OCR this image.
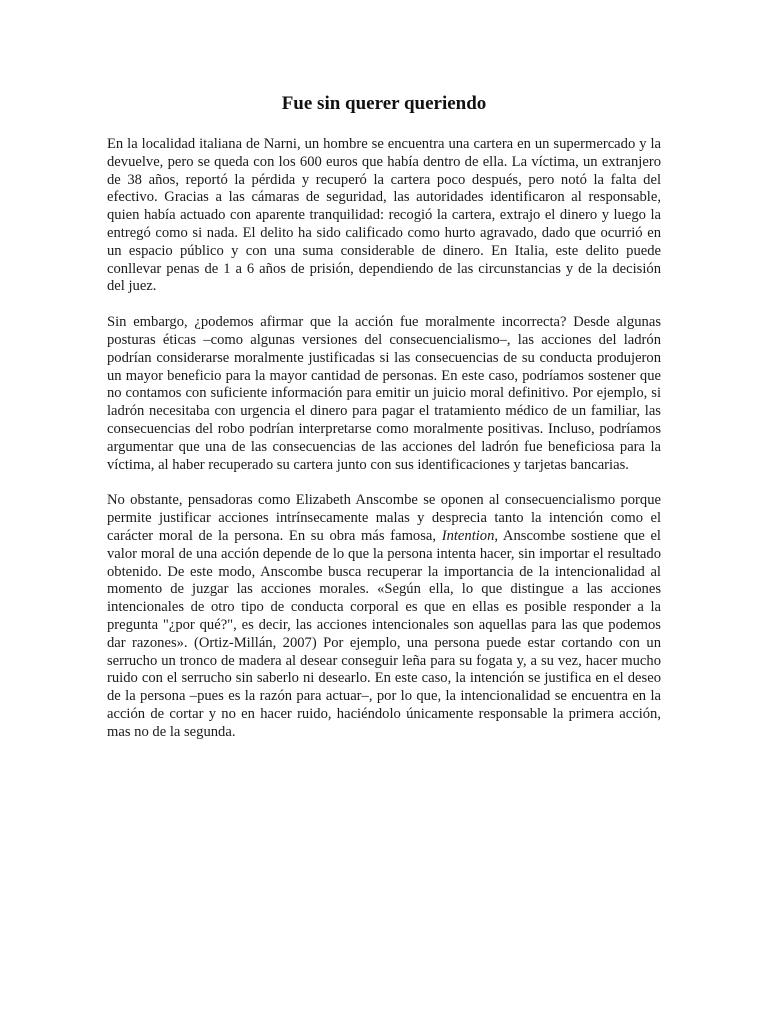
Fue sin querer queriendo

En la localidad italiana de Narni, un hombre se encuentra una cartera en un supermercado y la devuelve, pero se queda con los 600 euros que había dentro de ella. La víctima, un extranjero de 38 años, reportó la pérdida y recuperó la cartera poco después, pero notó la falta del efectivo. Gracias a las cámaras de seguridad, las autoridades identificaron al responsable, quien había actuado con aparente tranquilidad: recogió la cartera, extrajo el dinero y luego la entregó como si nada. El delito ha sido calificado como hurto agravado, dado que ocurrió en un espacio público y con una suma considerable de dinero. En Italia, este delito puede conllevar penas de 1 a 6 años de prisión, dependiendo de las circunstancias y de la decisión del juez.

Sin embargo, ¿podemos afirmar que la acción fue moralmente incorrecta? Desde algunas posturas éticas –como algunas versiones del consecuencialismo–, las acciones del ladrón podrían considerarse moralmente justificadas si las consecuencias de su conducta produjeron un mayor beneficio para la mayor cantidad de personas. En este caso, podríamos sostener que no contamos con suficiente información para emitir un juicio moral definitivo. Por ejemplo, si ladrón necesitaba con urgencia el dinero para pagar el tratamiento médico de un familiar, las consecuencias del robo podrían interpretarse como moralmente positivas. Incluso, podríamos argumentar que una de las consecuencias de las acciones del ladrón fue beneficiosa para la víctima, al haber recuperado su cartera junto con sus identificaciones y tarjetas bancarias.

No obstante, pensadoras como Elizabeth Anscombe se oponen al consecuencialismo porque permite justificar acciones intrínsecamente malas y desprecia tanto la intención como el carácter moral de la persona. En su obra más famosa, Intention, Anscombe sostiene que el valor moral de una acción depende de lo que la persona intenta hacer, sin importar el resultado obtenido. De este modo, Anscombe busca recuperar la importancia de la intencionalidad al momento de juzgar las acciones morales. «Según ella, lo que distingue a las acciones intencionales de otro tipo de conducta corporal es que en ellas es posible responder a la pregunta "¿por qué?", es decir, las acciones intencionales son aquellas para las que podemos dar razones». (Ortiz-Millán, 2007) Por ejemplo, una persona puede estar cortando con un serrucho un tronco de madera al desear conseguir leña para su fogata y, a su vez, hacer mucho ruido con el serrucho sin saberlo ni desearlo. En este caso, la intención se justifica en el deseo de la persona –pues es la razón para actuar–, por lo que, la intencionalidad se encuentra en la acción de cortar y no en hacer ruido, haciéndolo únicamente responsable la primera acción, mas no de la segunda.
